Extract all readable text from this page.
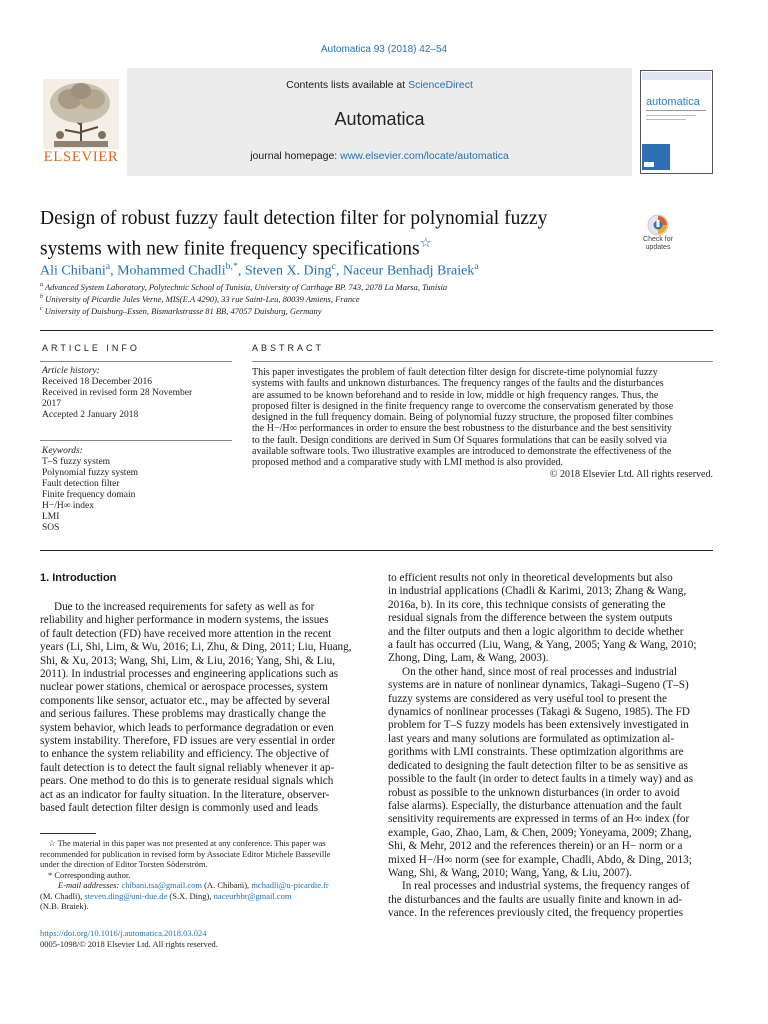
Automatica 93 (2018) 42–54
Contents lists available at ScienceDirect
Automatica
journal homepage: www.elsevier.com/locate/automatica
ELSEVIER
automatica
Design of robust fuzzy fault detection filter for polynomial fuzzy
systems with new finite frequency specifications☆	Check for updates
Ali Chibani$^a$, Mohammed Chadli$^{b,*}$, Steven X. Ding$^c$, Naceur Benhadj Braiek$^a$
$^a$ Advanced System Laboratory, Polytechnic School of Tunisia, University of Carthage BP. 743, 2078 La Marsa, Tunisia
$^b$ University of Picardie Jules Verne, MIS(E.A 4290), 33 rue Saint-Leu, 80039 Amiens, France
$^c$ University of Duisburg–Essen, Bismarkstrasse 81 BB, 47057 Duisburg, Germany
ARTICLE INFO
Article history:
Received 18 December 2016
Received in revised form 28 November
2017
Accepted 2 January 2018
Keywords:
T–S fuzzy system
Polynomial fuzzy system
Fault detection filter
Finite frequency domain
H−/H∞ index
LMI
SOS
ABSTRACT
This paper investigates the problem of fault detection filter design for discrete-time polynomial fuzzy
systems with faults and unknown disturbances. The frequency ranges of the faults and the disturbances
are assumed to be known beforehand and to reside in low, middle or high frequency ranges. Thus, the
proposed filter is designed in the finite frequency range to overcome the conservatism generated by those
designed in the full frequency domain. Being of polynomial fuzzy structure, the proposed filter combines
the H−/H∞ performances in order to ensure the best robustness to the disturbance and the best sensitivity
to the fault. Design conditions are derived in Sum Of Squares formulations that can be easily solved via
available software tools. Two illustrative examples are introduced to demonstrate the effectiveness of the
proposed method and a comparative study with LMI method is also provided.
© 2018 Elsevier Ltd. All rights reserved.
1. Introduction
Due to the increased requirements for safety as well as for
reliability and higher performance in modern systems, the issues
of fault detection (FD) have received more attention in the recent
years (Li, Shi, Lim, & Wu, 2016; Li, Zhu, & Ding, 2011; Liu, Huang,
Shi, & Xu, 2013; Wang, Shi, Lim, & Liu, 2016; Yang, Shi, & Liu,
2011). In industrial processes and engineering applications such as
nuclear power stations, chemical or aerospace processes, system
components like sensor, actuator etc., may be affected by several
and serious failures. These problems may drastically change the
system behavior, which leads to performance degradation or even
system instability. Therefore, FD issues are very essential in order
to enhance the system reliability and efficiency. The objective of
fault detection is to detect the fault signal reliably whenever it ap-
pears. One method to do this is to generate residual signals which
act as an indicator for faulty situation. In the literature, observer-
based fault detection filter design is commonly used and leads
☆ The material in this paper was not presented at any conference. This paper was
recommended for publication in revised form by Associate Editor Michele Basseville
under the direction of Editor Torsten Söderström.
* Corresponding author.
E-mail addresses: chibani.tsa@gmail.com (A. Chibani), mchadli@u-picardie.fr
(M. Chadli), steven.ding@uni-due.de (S.X. Ding), naceurbbr@gmail.com
(N.B. Braiek).
https://doi.org/10.1016/j.automatica.2018.03.024
0005-1098/© 2018 Elsevier Ltd. All rights reserved.
to efficient results not only in theoretical developments but also
in industrial applications (Chadli & Karimi, 2013; Zhang & Wang,
2016a, b). In its core, this technique consists of generating the
residual signals from the difference between the system outputs
and the filter outputs and then a logic algorithm to decide whether
a fault has occurred (Liu, Wang, & Yang, 2005; Yang & Wang, 2010;
Zhong, Ding, Lam, & Wang, 2003).
On the other hand, since most of real processes and industrial
systems are in nature of nonlinear dynamics, Takagi–Sugeno (T–S)
fuzzy systems are considered as very useful tool to present the
dynamics of nonlinear processes (Takagi & Sugeno, 1985). The FD
problem for T–S fuzzy models has been extensively investigated in
last years and many solutions are formulated as optimization al-
gorithms with LMI constraints. These optimization algorithms are
dedicated to designing the fault detection filter to be as sensitive as
possible to the fault (in order to detect faults in a timely way) and as
robust as possible to the unknown disturbances (in order to avoid
false alarms). Especially, the disturbance attenuation and the fault
sensitivity requirements are expressed in terms of an H∞ index (for
example, Gao, Zhao, Lam, & Chen, 2009; Yoneyama, 2009; Zhang,
Shi, & Mehr, 2012 and the references therein) or an H− norm or a
mixed H−/H∞ norm (see for example, Chadli, Abdo, & Ding, 2013;
Wang, Shi, & Wang, 2010; Wang, Yang, & Liu, 2007).
In real processes and industrial systems, the frequency ranges of
the disturbances and the faults are usually finite and known in ad-
vance. In the references previously cited, the frequency properties
